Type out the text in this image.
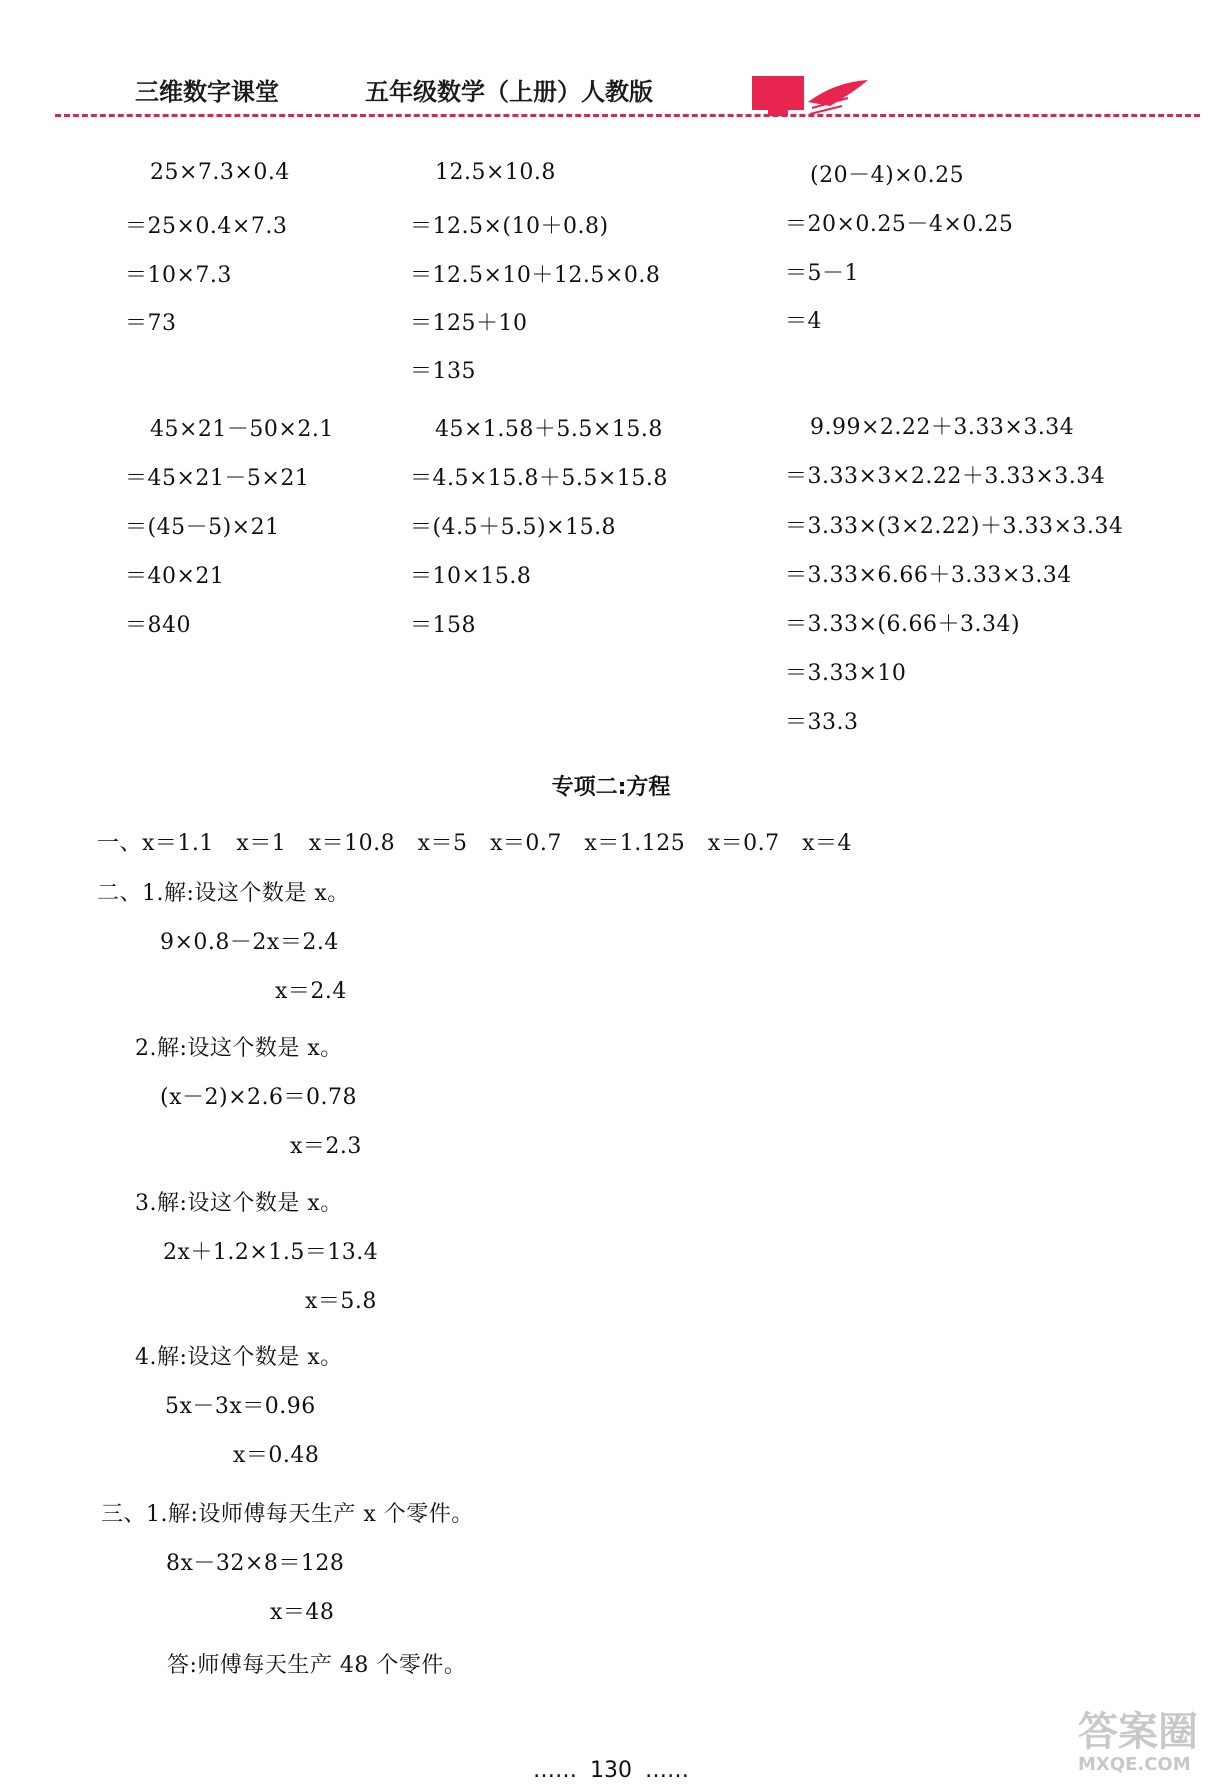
三维数字课堂	五年级数学（上册）人教版
25×7.3×0.4
＝25×0.4×7.3
＝10×7.3
＝73
12.5×10.8
＝12.5×(10＋0.8)
＝12.5×10＋12.5×0.8
＝125＋10
＝135
(20－4)×0.25
＝20×0.25－4×0.25
＝5－1
＝4
45×21－50×2.1
＝45×21－5×21
＝(45－5)×21
＝40×21
＝840
45×1.58＋5.5×15.8
＝4.5×15.8＋5.5×15.8
＝(4.5＋5.5)×15.8
＝10×15.8
＝158
9.99×2.22＋3.33×3.34
＝3.33×3×2.22＋3.33×3.34
＝3.33×(3×2.22)＋3.33×3.34
＝3.33×6.66＋3.33×3.34
＝3.33×(6.66＋3.34)
＝3.33×10
＝33.3
专项二:方程
一、x＝1.1   x＝1   x＝10.8   x＝5   x＝0.7   x＝1.125   x＝0.7   x＝4
二、1.解:设这个数是 x。
9×0.8－2x＝2.4
x＝2.4
2.解:设这个数是 x。
(x－2)×2.6＝0.78
x＝2.3
3.解:设这个数是 x。
2x＋1.2×1.5＝13.4
x＝5.8
4.解:设这个数是 x。
5x－3x＝0.96
x＝0.48
三、1.解:设师傅每天生产 x 个零件。
8x－32×8＝128
x＝48
答:师傅每天生产 48 个零件。
…… 130 ……
答案圈
MXQE.COM
